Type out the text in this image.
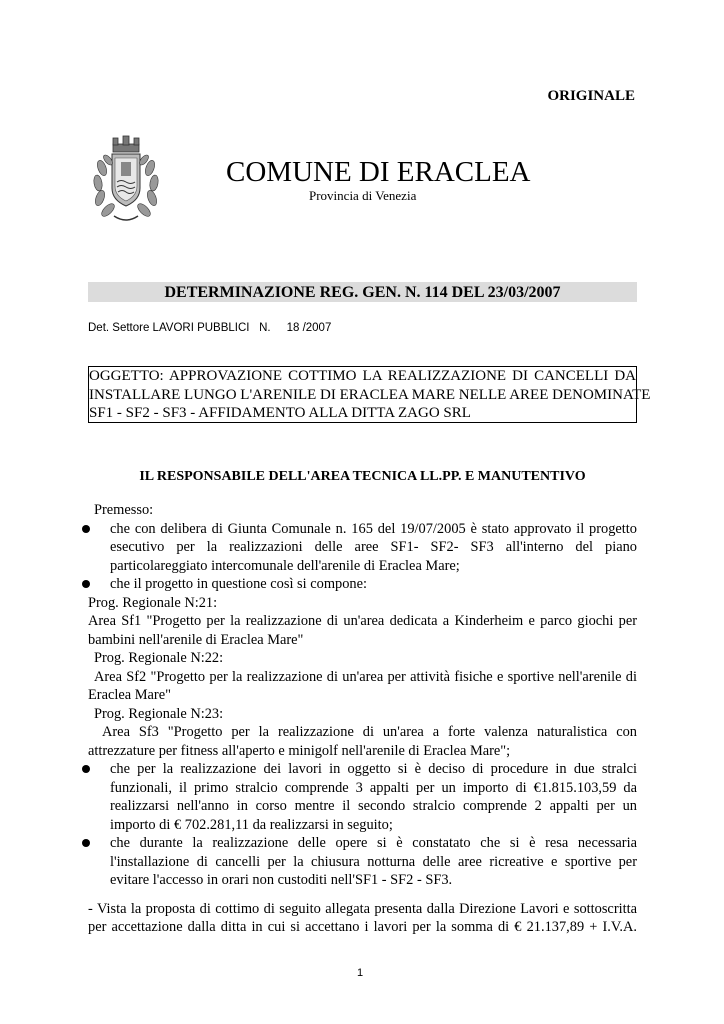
ORIGINALE
COMUNE DI ERACLEA
Provincia di Venezia
DETERMINAZIONE REG. GEN. N. 114 DEL 23/03/2007
Det. Settore LAVORI PUBBLICI N. 18 /2007
OGGETTO: APPROVAZIONE COTTIMO LA REALIZZAZIONE DI CANCELLI DA
INSTALLARE LUNGO L'ARENILE DI ERACLEA MARE NELLE AREE DENOMINATE
SF1 - SF2 - SF3 - AFFIDAMENTO ALLA DITTA ZAGO SRL
IL RESPONSABILE DELL'AREA TECNICA LL.PP. E MANUTENTIVO
Premesso:
che con delibera di Giunta Comunale n. 165 del 19/07/2005 è stato approvato il progetto
esecutivo per la realizzazioni delle aree SF1- SF2- SF3 all'interno del piano
particolareggiato intercomunale dell'arenile di Eraclea Mare;
che il progetto in questione così si compone:
Prog. Regionale N:21:
Area Sf1 "Progetto per la realizzazione di un'area dedicata a Kinderheim e parco giochi per
bambini nell'arenile di Eraclea Mare"
Prog. Regionale N:22:
Area Sf2 "Progetto per la realizzazione di un'area per attività fisiche e sportive nell'arenile di
Eraclea Mare"
Prog. Regionale N:23:
Area Sf3 "Progetto per la realizzazione di un'area a forte valenza naturalistica con
attrezzature per fitness all'aperto e minigolf nell'arenile di Eraclea Mare";
che per la realizzazione dei lavori in oggetto si è deciso di procedure in due stralci
funzionali, il primo stralcio comprende 3 appalti per un importo di €1.815.103,59 da
realizzarsi nell'anno in corso mentre il secondo stralcio comprende 2 appalti per un
importo di € 702.281,11 da realizzarsi in seguito;
che durante la realizzazione delle opere si è constatato che si è resa necessaria
l'installazione di cancelli per la chiusura notturna delle aree ricreative e sportive per
evitare l'accesso in orari non custoditi nell'SF1 - SF2 - SF3.
- Vista la proposta di cottimo di seguito allegata presenta dalla Direzione Lavori e sottoscritta
per accettazione dalla ditta in cui si accettano i lavori per la somma di € 21.137,89 + I.V.A.
1
